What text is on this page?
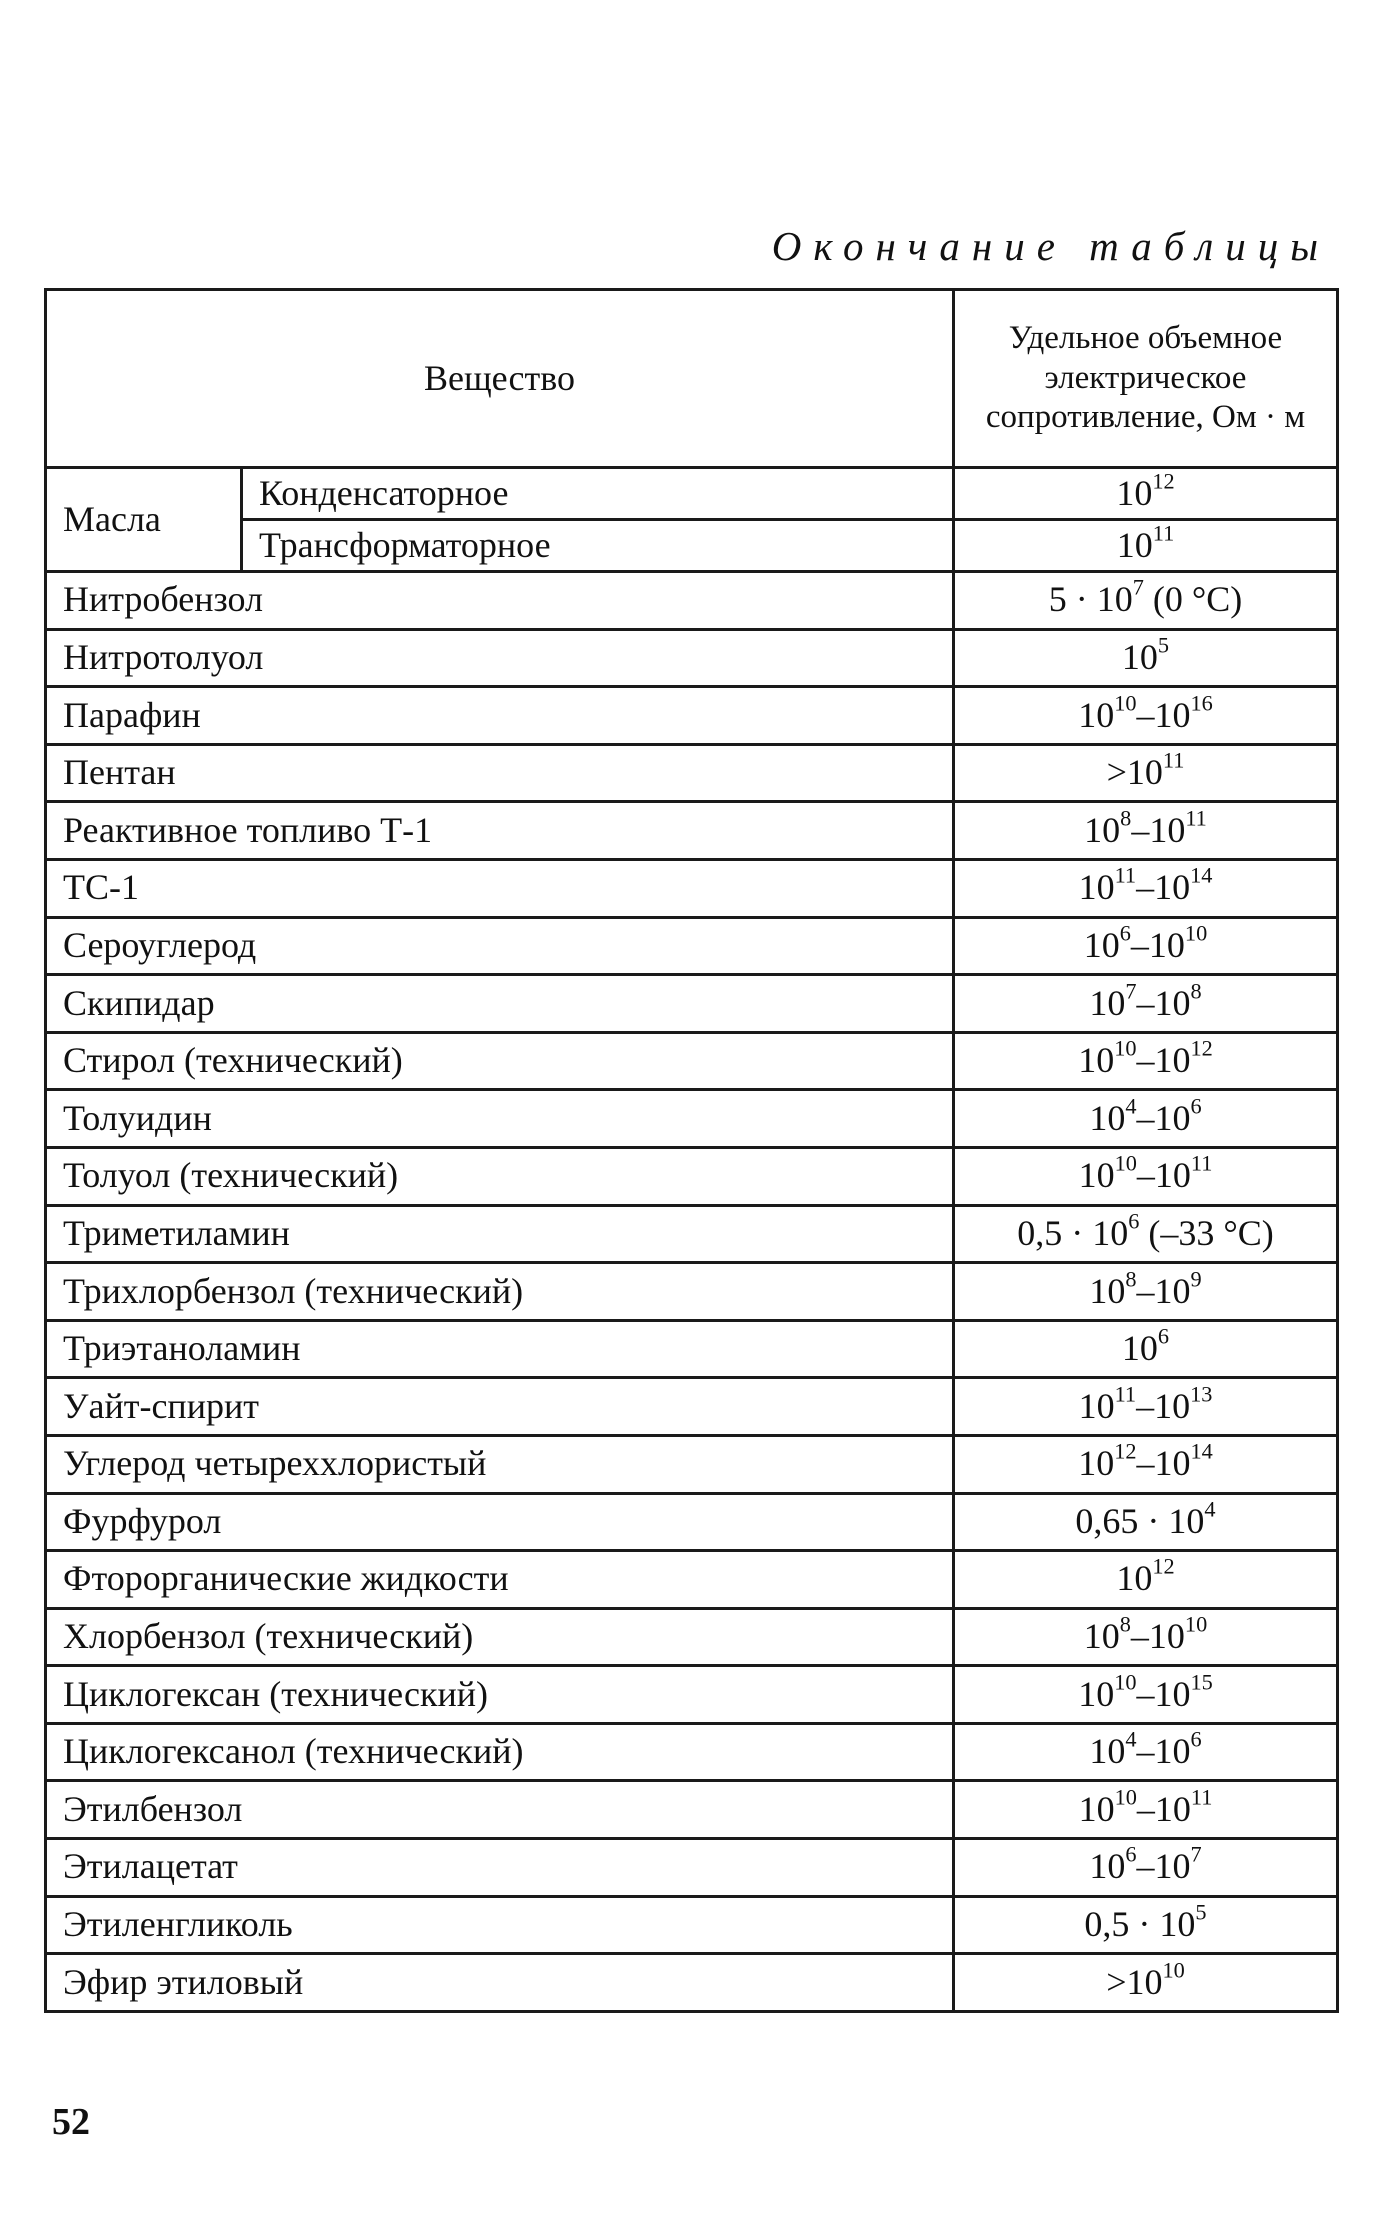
Окончание таблицы
Вещество		Удельное объемное электрическое сопротивление, Ом · м
Масла	Конденсаторное	$10^{12}$
	Трансформаторное	$10^{11}$
Нитробензол		$5 \cdot 10^7$ (0 °C)
Нитротолуол		$10^5$
Парафин		$10^{10}-10^{16}$
Пентан		$>10^{11}$
Реактивное топливо Т-1		$10^8-10^{11}$
ТС-1		$10^{11}-10^{14}$
Сероуглерод		$10^6-10^{10}$
Скипидар		$10^7-10^8$
Стирол (технический)		$10^{10}-10^{12}$
Толуидин		$10^4-10^6$
Толуол (технический)		$10^{10}-10^{11}$
Триметиламин		$0,5 \cdot 10^6$ (–33 °C)
Трихлорбензол (технический)		$10^8-10^9$
Триэтаноламин		$10^6$
Уайт-спирит		$10^{11}-10^{13}$
Углерод четыреххлористый		$10^{12}-10^{14}$
Фурфурол		$0,65 \cdot 10^4$
Фторорганические жидкости		$10^{12}$
Хлорбензол (технический)		$10^8-10^{10}$
Циклогексан (технический)		$10^{10}-10^{15}$
Циклогексанол (технический)		$10^4-10^6$
Этилбензол		$10^{10}-10^{11}$
Этилацетат		$10^6-10^7$
Этиленгликоль		$0,5 \cdot 10^5$
Эфир этиловый		$>10^{10}$
52
